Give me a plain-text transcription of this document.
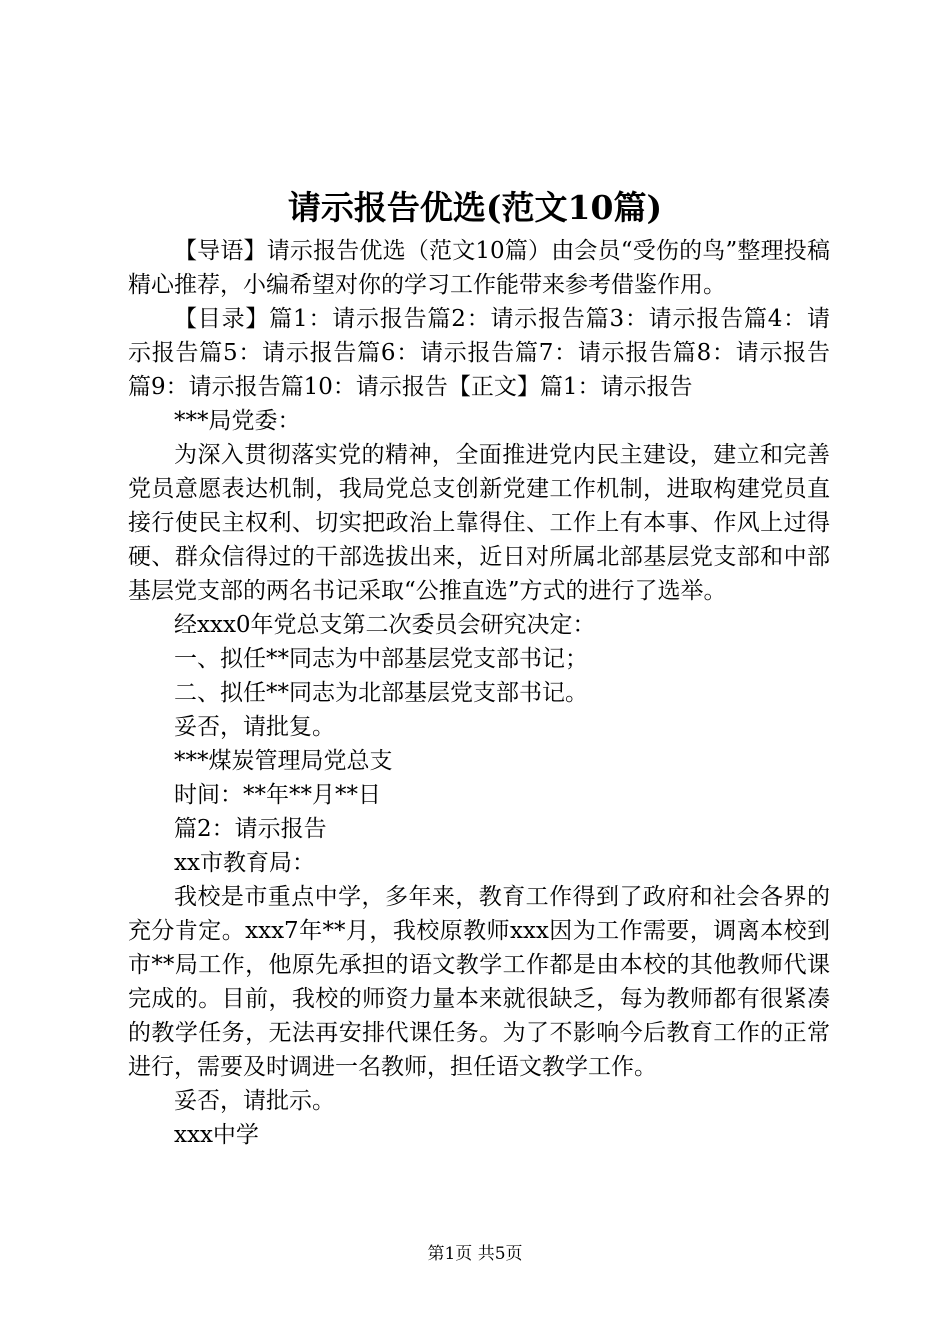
请示报告优选(范文10篇)

【导语】请示报告优选（范文10篇）由会员“受伤的鸟”整理投稿精心推荐，小编希望对你的学习工作能带来参考借鉴作用。

【目录】篇1：请示报告篇2：请示报告篇3：请示报告篇4：请示报告篇5：请示报告篇6：请示报告篇7：请示报告篇8：请示报告篇9：请示报告篇10：请示报告【正文】篇1：请示报告

***局党委：

为深入贯彻落实党的精神，全面推进党内民主建设，建立和完善党员意愿表达机制，我局党总支创新党建工作机制，进取构建党员直接行使民主权利、切实把政治上靠得住、工作上有本事、作风上过得硬、群众信得过的干部选拔出来，近日对所属北部基层党支部和中部基层党支部的两名书记采取“公推直选”方式的进行了选举。

经xxx0年党总支第二次委员会研究决定：

一、拟任**同志为中部基层党支部书记；

二、拟任**同志为北部基层党支部书记。

妥否，请批复。

***煤炭管理局党总支

时间：**年**月**日

篇2：请示报告

xx市教育局：

我校是市重点中学，多年来，教育工作得到了政府和社会各界的充分肯定。xxx7年**月，我校原教师xxx因为工作需要，调离本校到市**局工作，他原先承担的语文教学工作都是由本校的其他教师代课完成的。目前，我校的师资力量本来就很缺乏，每为教师都有很紧凑的教学任务，无法再安排代课任务。为了不影响今后教育工作的正常进行，需要及时调进一名教师，担任语文教学工作。

妥否，请批示。

xxx中学

第1页 共5页
